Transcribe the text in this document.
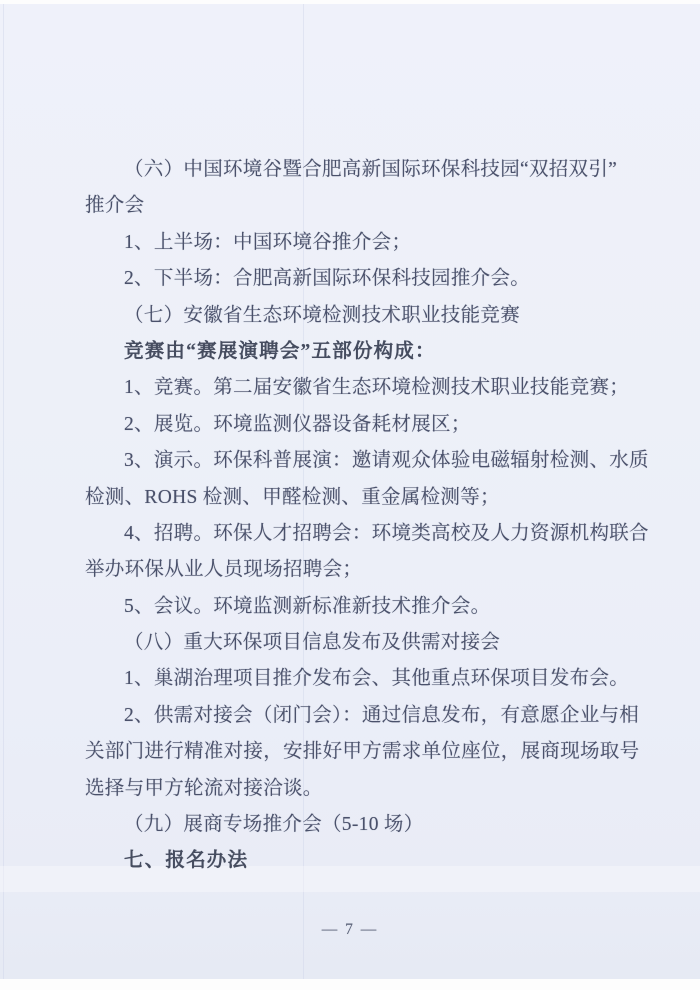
（六）中国环境谷暨合肥高新国际环保科技园“双招双引”
推介会
1、上半场：中国环境谷推介会；
2、下半场：合肥高新国际环保科技园推介会。
（七）安徽省生态环境检测技术职业技能竞赛
竞赛由“赛展演聘会”五部份构成：
1、竞赛。第二届安徽省生态环境检测技术职业技能竞赛；
2、展览。环境监测仪器设备耗材展区；
3、演示。环保科普展演：邀请观众体验电磁辐射检测、水质
检测、ROHS 检测、甲醛检测、重金属检测等；
4、招聘。环保人才招聘会：环境类高校及人力资源机构联合
举办环保从业人员现场招聘会；
5、会议。环境监测新标准新技术推介会。
（八）重大环保项目信息发布及供需对接会
1、巢湖治理项目推介发布会、其他重点环保项目发布会。
2、供需对接会（闭门会）：通过信息发布，有意愿企业与相
关部门进行精准对接，安排好甲方需求单位座位，展商现场取号
选择与甲方轮流对接洽谈。
（九）展商专场推介会（5-10 场）
七、报名办法
— 7 —
